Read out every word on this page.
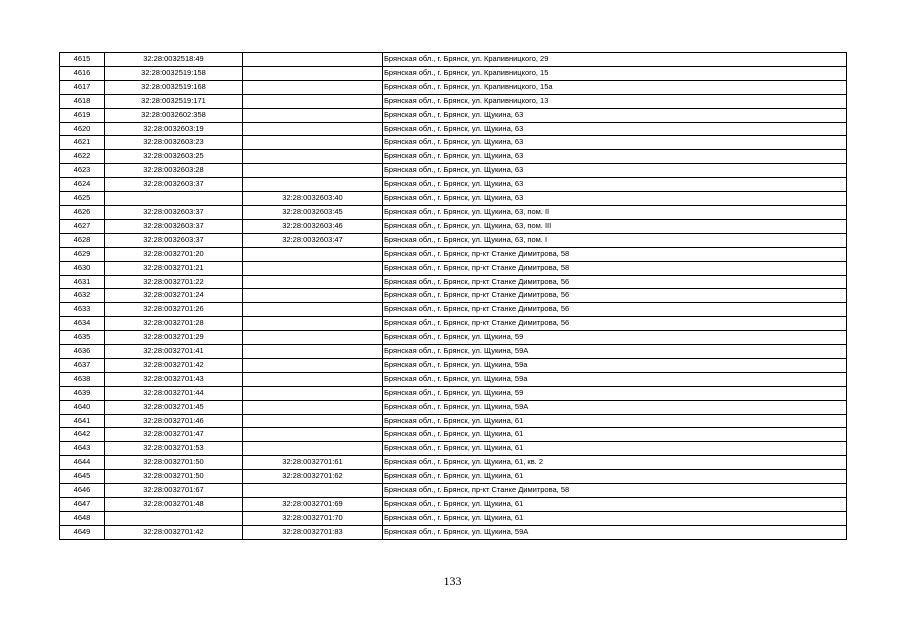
4615	32:28:0032518:49		Брянская обл., г. Брянск, ул. Крапивницкого, 29
4616	32:28:0032519:158		Брянская обл., г. Брянск, ул. Крапивницкого, 15
4617	32:28:0032519:168		Брянская обл., г. Брянск, ул. Крапивницкого, 15а
4618	32:28:0032519:171		Брянская обл., г. Брянск, ул. Крапивницкого, 13
4619	32:28:0032602:358		Брянская обл., г. Брянск, ул. Щукина, 63
4620	32:28:0032603:19		Брянская обл., г. Брянск, ул. Щукина, 63
4621	32:28:0032603:23		Брянская обл., г. Брянск, ул. Щукина, 63
4622	32:28:0032603:25		Брянская обл., г. Брянск, ул. Щукина, 63
4623	32:28:0032603:28		Брянская обл., г. Брянск, ул. Щукина, 63
4624	32:28:0032603:37		Брянская обл., г. Брянск, ул. Щукина, 63
4625		32:28:0032603:40	Брянская обл., г. Брянск, ул. Щукина, 63
4626	32:28:0032603:37	32:28:0032603:45	Брянская обл., г. Брянск, ул. Щукина, 63, пом. II
4627	32:28:0032603:37	32:28:0032603:46	Брянская обл., г. Брянск, ул. Щукина, 63, пом. III
4628	32:28:0032603:37	32:28:0032603:47	Брянская обл., г. Брянск, ул. Щукина, 63, пом. I
4629	32:28:0032701:20		Брянская обл., г. Брянск, пр-кт Станке Димитрова, 58
4630	32:28:0032701:21		Брянская обл., г. Брянск, пр-кт Станке Димитрова, 58
4631	32:28:0032701:22		Брянская обл., г. Брянск, пр-кт Станке Димитрова, 56
4632	32:28:0032701:24		Брянская обл., г. Брянск, пр-кт Станке Димитрова, 56
4633	32:28:0032701:26		Брянская обл., г. Брянск, пр-кт Станке Димитрова, 56
4634	32:28:0032701:28		Брянская обл., г. Брянск, пр-кт Станке Димитрова, 56
4635	32:28:0032701:29		Брянская обл., г. Брянск, ул. Щукина, 59
4636	32:28:0032701:41		Брянская обл., г. Брянск, ул. Щукина, 59А
4637	32:28:0032701:42		Брянская обл., г. Брянск, ул. Щукина, 59а
4638	32:28:0032701:43		Брянская обл., г. Брянск, ул. Щукина, 59а
4639	32:28:0032701:44		Брянская обл., г. Брянск, ул. Щукина, 59
4640	32:28:0032701:45		Брянская обл., г. Брянск, ул. Щукина, 59А
4641	32:28:0032701:46		Брянская обл., г. Брянск, ул. Щукина, 61
4642	32:28:0032701:47		Брянская обл., г. Брянск, ул. Щукина, 61
4643	32:28:0032701:53		Брянская обл., г. Брянск, ул. Щукина, 61
4644	32:28:0032701:50	32:28:0032701:61	Брянская обл., г. Брянск, ул. Щукина, 61, кв. 2
4645	32:28:0032701:50	32:28:0032701:62	Брянская обл., г. Брянск, ул. Щукина, 61
4646	32:28:0032701:67		Брянская обл., г. Брянск, пр-кт Станке Димитрова, 58
4647	32:28:0032701:48	32:28:0032701:69	Брянская обл., г. Брянск, ул. Щукина, 61
4648		32:28:0032701:70	Брянская обл., г. Брянск, ул. Щукина, 61
4649	32:28:0032701:42	32:28:0032701:83	Брянская обл., г. Брянск, ул. Щукина, 59А
133
